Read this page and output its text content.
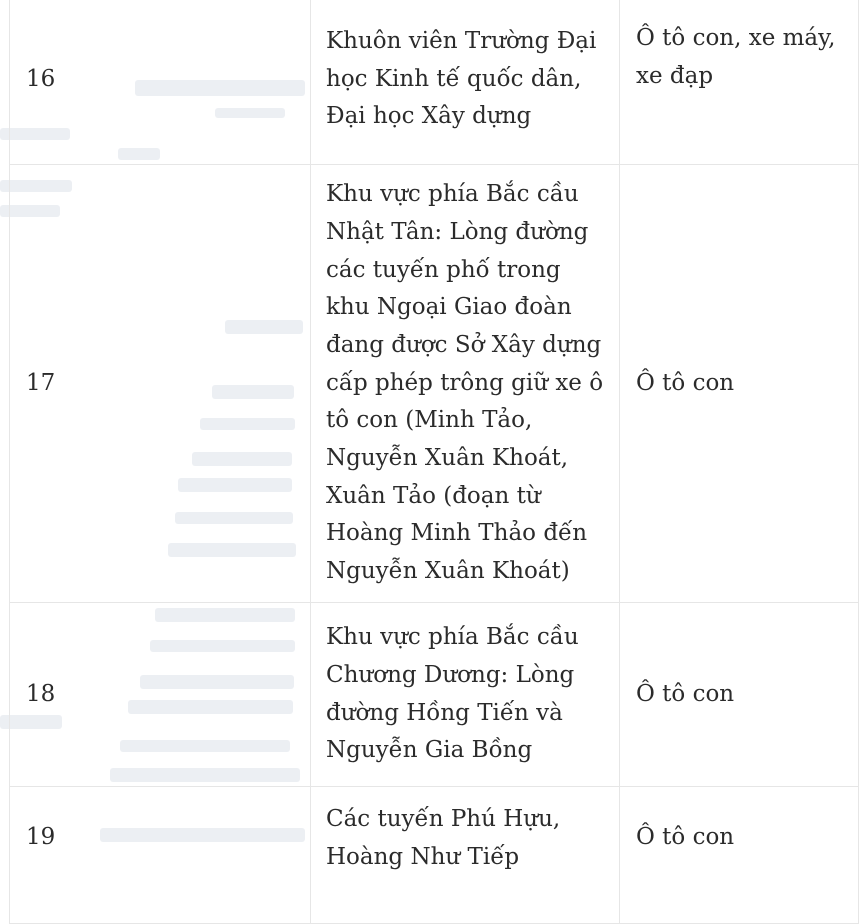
16	Khuôn viên Trường Đại học Kinh tế quốc dân, Đại học Xây dựng	Ô tô con, xe máy, xe đạp
17	Khu vực phía Bắc cầu Nhật Tân: Lòng đường các tuyến phố trong khu Ngoại Giao đoàn đang được Sở Xây dựng cấp phép trông giữ xe ô tô con (Minh Tảo, Nguyễn Xuân Khoát, Xuân Tảo (đoạn từ Hoàng Minh Thảo đến Nguyễn Xuân Khoát)	Ô tô con
18	Khu vực phía Bắc cầu Chương Dương: Lòng đường Hồng Tiến và Nguyễn Gia Bồng	Ô tô con
19	Các tuyến Phú Hựu, Hoàng Như Tiếp	Ô tô con
